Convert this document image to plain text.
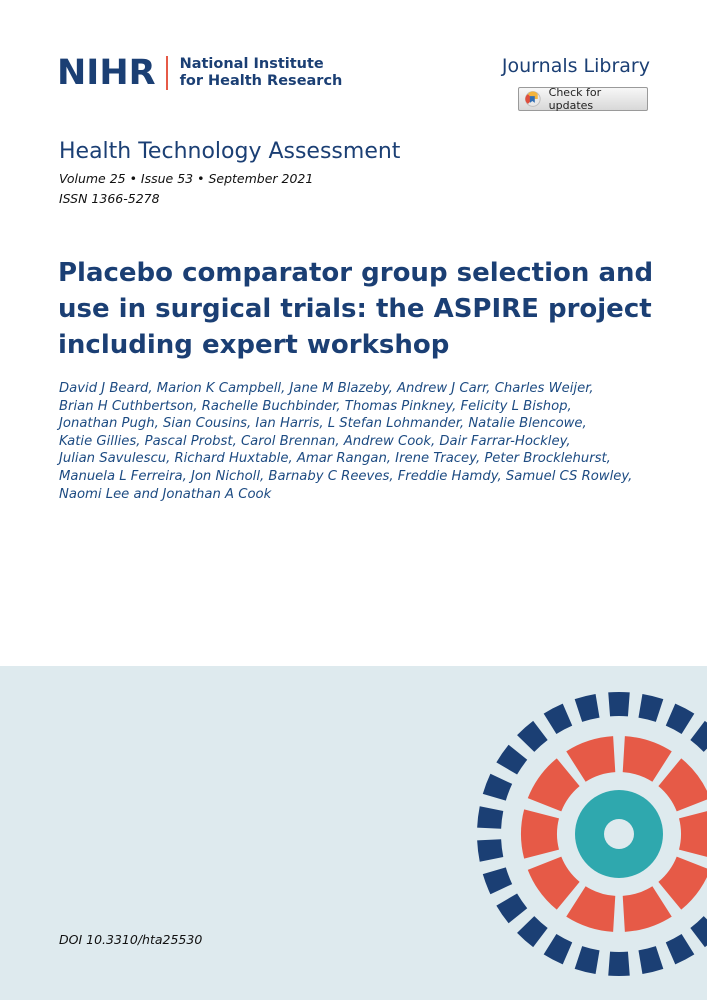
NIHR National Institute
for Health Research
Journals Library
Check for updates
Health Technology Assessment
Volume 25 • Issue 53 • September 2021
ISSN 1366-5278
Placebo comparator group selection and
use in surgical trials: the ASPIRE project
including expert workshop
David J Beard, Marion K Campbell, Jane M Blazeby, Andrew J Carr, Charles Weijer,
Brian H Cuthbertson, Rachelle Buchbinder, Thomas Pinkney, Felicity L Bishop,
Jonathan Pugh, Sian Cousins, Ian Harris, L Stefan Lohmander, Natalie Blencowe,
Katie Gillies, Pascal Probst, Carol Brennan, Andrew Cook, Dair Farrar-Hockley,
Julian Savulescu, Richard Huxtable, Amar Rangan, Irene Tracey, Peter Brocklehurst,
Manuela L Ferreira, Jon Nicholl, Barnaby C Reeves, Freddie Hamdy, Samuel CS Rowley,
Naomi Lee and Jonathan A Cook
DOI 10.3310/hta25530
